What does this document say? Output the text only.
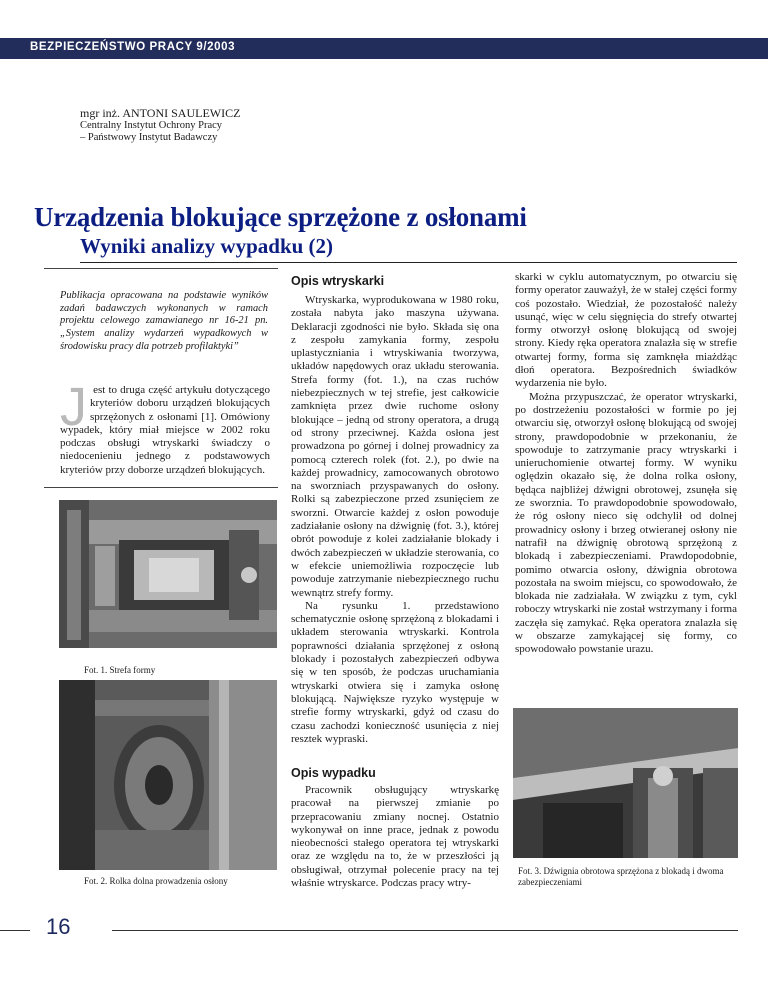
BEZPIECZEŃSTWO PRACY 9/2003
mgr inż. ANTONI SAULEWICZ
Centralny Instytut Ochrony Pracy
– Państwowy Instytut Badawczy
Urządzenia blokujące sprzężone z osłonami
Wyniki analizy wypadku (2)
Publikacja opracowana na podstawie wyników zadań badawczych wykonanych w ramach projektu celowego zamawianego nr 16-21 pn. „System analizy wydarzeń wypadkowych w środowisku pracy dla potrzeb profilaktyki”
J est to druga część artykułu dotyczącego kryteriów doboru urządzeń blokujących sprzężonych z osłonami [1]. Omówiony wypadek, który miał miejsce w 2002 roku podczas obsługi wtryskarki świadczy o niedocenieniu jednego z podstawowych kryteriów przy doborze urządzeń blokujących.
Fot. 1. Strefa formy
Fot. 2. Rolka dolna prowadzenia osłony
Opis wtryskarki

Wtryskarka, wyprodukowana w 1980 roku, została nabyta jako maszyna używana. Deklaracji zgodności nie było. Składa się ona z zespołu zamykania formy, zespołu uplastyczniania i wtryskiwania tworzywa, układów napędowych oraz układu sterowania. Strefa formy (fot. 1.), na czas ruchów niebezpiecznych w tej strefie, jest całkowicie zamknięta przez dwie ruchome osłony blokujące – jedną od strony operatora, a drugą od strony przeciwnej. Każda osłona jest prowadzona po górnej i dolnej prowadnicy za pomocą czterech rolek (fot. 2.), po dwie na każdej prowadnicy, zamocowanych obrotowo na sworzniach przyspawanych do osłony. Rolki są zabezpieczone przed zsunięciem ze sworzni. Otwarcie każdej z osłon powoduje zadziałanie osłony na dźwignię (fot. 3.), której obrót powoduje z kolei zadziałanie blokady i dwóch zabezpieczeń w układzie sterowania, co w efekcie uniemożliwia rozpoczęcie lub powoduje zatrzymanie niebezpiecznego ruchu wewnątrz strefy formy.

Na rysunku 1. przedstawiono schematycznie osłonę sprzężoną z blokadami i układem sterowania wtryskarki. Kontrola poprawności działania sprzężonej z osłoną blokady i pozostałych zabezpieczeń odbywa się w ten sposób, że podczas uruchamiania wtryskarki otwiera się i zamyka osłonę blokującą. Największe ryzyko występuje w strefie formy wtryskarki, gdyż od czasu do czasu zachodzi konieczność usunięcia z niej resztek wypraski.

Opis wypadku

Pracownik obsługujący wtryskarkę pracował na pierwszej zmianie po przepracowaniu zmiany nocnej. Ostatnio wykonywał on inne prace, jednak z powodu nieobecności stałego operatora tej wtryskarki oraz ze względu na to, że w przeszłości ją obsługiwał, otrzymał polecenie pracy na tej właśnie wtryskarce. Podczas pracy wtry-

skarki w cyklu automatycznym, po otwarciu się formy operator zauważył, że w stałej części formy coś pozostało. Wiedział, że pozostałość należy usunąć, więc w celu sięgnięcia do strefy otwartej formy otworzył osłonę blokującą od swojej strony. Kiedy ręka operatora znalazła się w strefie otwartej formy, forma się zamknęła miażdżąc dłoń operatora. Bezpośrednich świadków wydarzenia nie było.

Można przypuszczać, że operator wtryskarki, po dostrzeżeniu pozostałości w formie po jej otwarciu się, otworzył osłonę blokującą od swojej strony, prawdopodobnie w przekonaniu, że spowoduje to zatrzymanie pracy wtryskarki i unieruchomienie otwartej formy. W wyniku oględzin okazało się, że dolna rolka osłony, będąca najbliżej dźwigni obrotowej, zsunęła się ze sworznia. To prawdopodobnie spowodowało, że róg osłony nieco się odchylił od dolnej prowadnicy osłony i brzeg otwieranej osłony nie natrafił na dźwignię obrotową sprzężoną z blokadą i zabezpieczeniami. Prawdopodobnie, pomimo otwarcia osłony, dźwignia obrotowa pozostała na swoim miejscu, co spowodowało, że blokada nie zadziałała. W związku z tym, cykl roboczy wtryskarki nie został wstrzymany i forma zaczęła się zamykać. Ręka operatora znalazła się w obszarze zamykającej się formy, co spowodowało powstanie urazu.

Fot. 3. Dźwignia obrotowa sprzężona z blokadą i dwoma zabezpieczeniami
16
